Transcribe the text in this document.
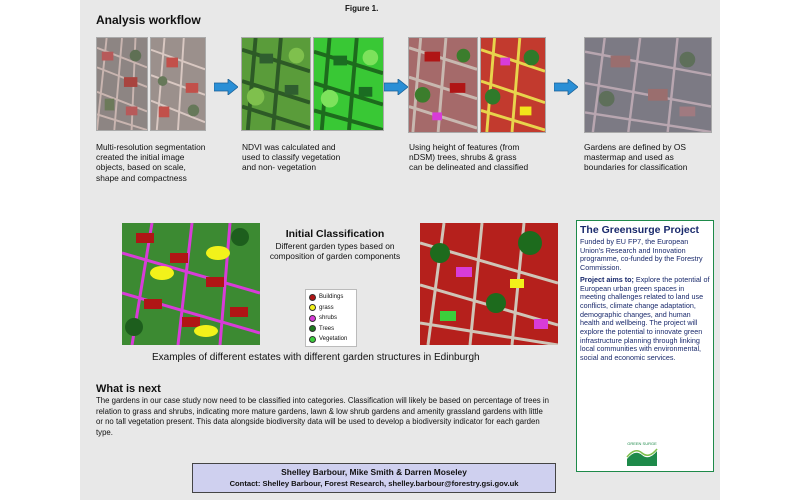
Figure 1.
Analysis workflow
Multi-resolution segmentation created the initial image objects, based on scale, shape and compactness
NDVI was calculated and used to classify vegetation and non- vegetation
Using height of features (from nDSM) trees, shrubs & grass can be delineated and classified
Gardens are defined by OS mastermap and used as boundaries for classification
Initial Classification
Different garden types based on composition of garden components
Buildings
grass
shrubs
Trees
Vegetation
Examples of different estates with different garden structures in Edinburgh
The Greensurge Project
Funded by EU FP7, the European Union's Research and Innovation programme, co-funded by the Forestry Commission.
Project aims to; Explore the potential of European urban green spaces in meeting challenges related to land use conflicts, climate change adaptation, demographic changes, and human health and wellbeing. The project will explore the potential to innovate green infrastructure planning through linking local communities with environmental, social and economic services.
GREEN SURGE
What is next
The gardens in our case study now need to be classified into categories. Classification will likely be based on percentage of trees in relation to grass and shrubs, indicating more mature gardens, lawn & low shrub gardens and amenity grassland gardens with little or no tall vegetation present. This data alongside biodiversity data will be used to develop a biodiversity indicator for each garden type.
Shelley Barbour, Mike Smith & Darren Moseley
Contact: Shelley Barbour, Forest Research, shelley.barbour@forestry.gsi.gov.uk
